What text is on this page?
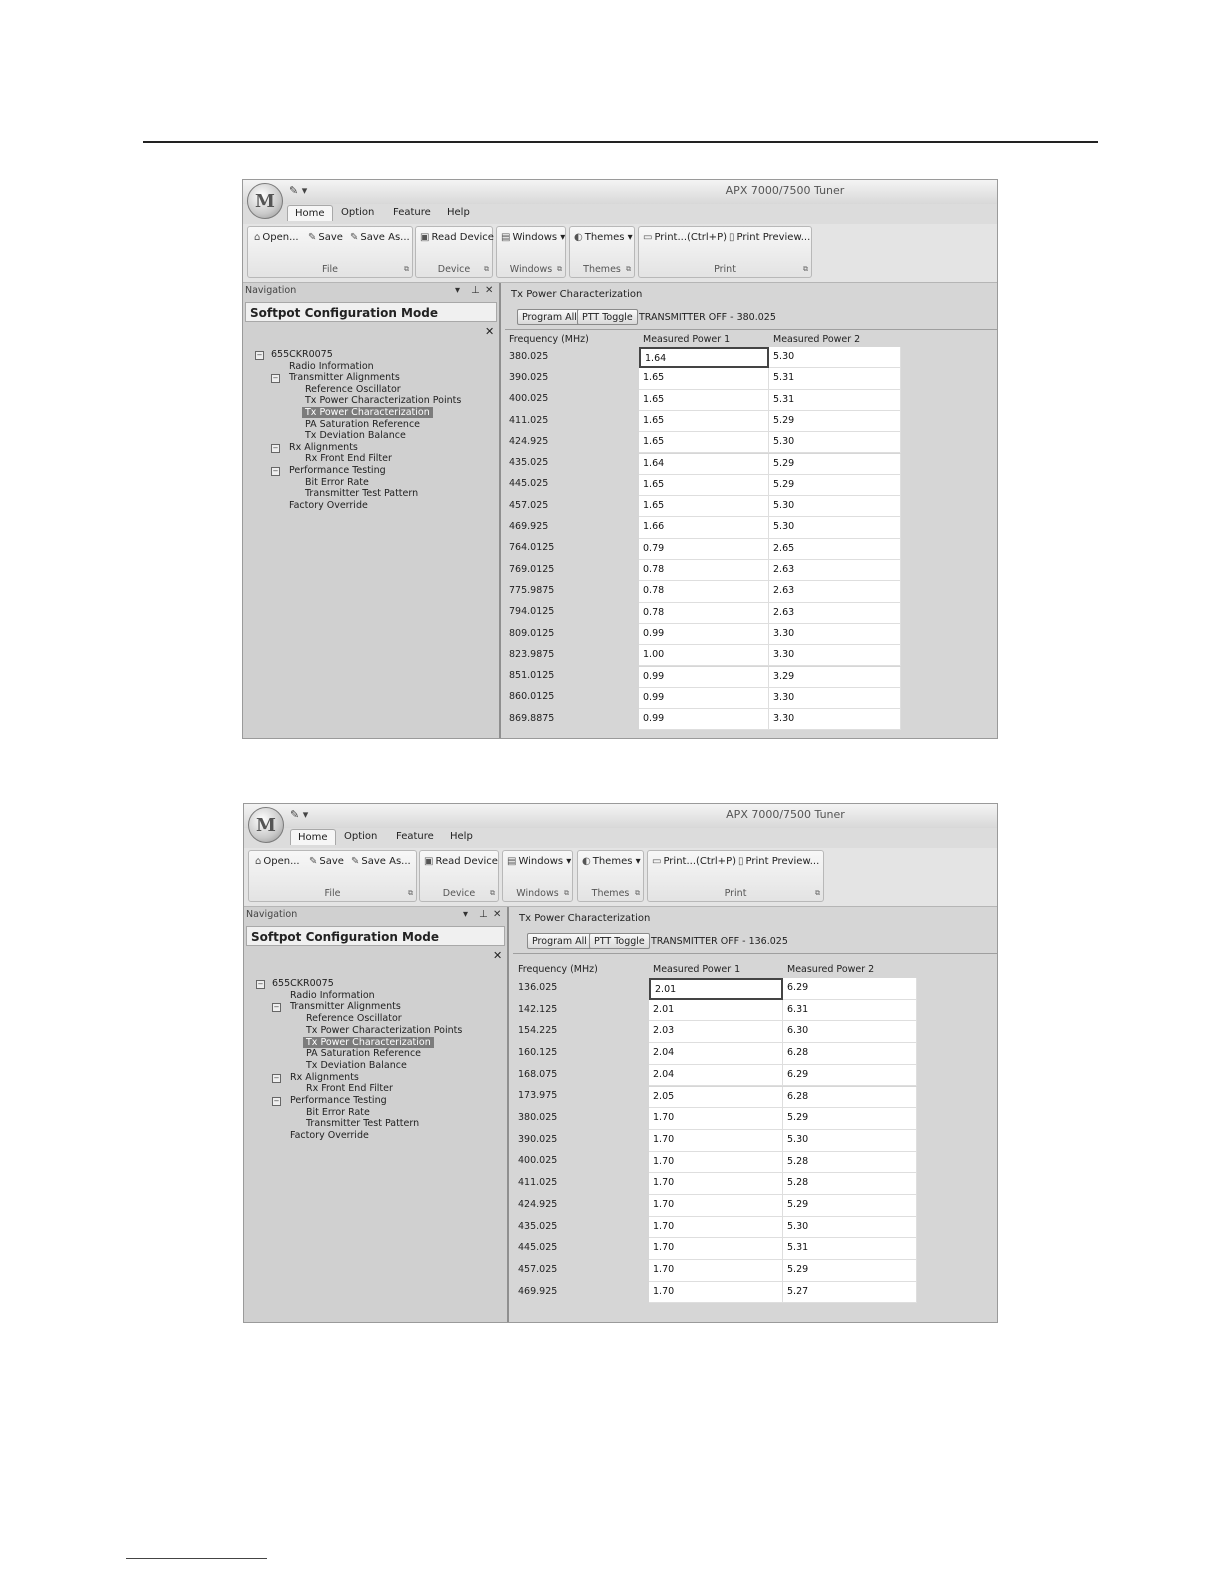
✎ ▾	APX 7000/7500 Tuner
M
Home	Option Feature Help
⌂ Open... ✎ Save ✎ Save As...
File	⧉
▣ Read Device
Device	⧉
▤ Windows ▾
Windows ⧉
◐ Themes ▾
Themes ⧉
▭ Print...(Ctrl+P) ▯ Print Preview...
Print	⧉
Navigation	▾ ⊥ ✕
Softpot Configuration Mode
✕
655CKR0075
−
Radio Information
Transmitter Alignments
−
Reference Oscillator
Tx Power Characterization Points
Tx Power Characterization
PA Saturation Reference
Tx Deviation Balance
Rx Alignments
−
Rx Front End Filter
Performance Testing
−
Bit Error Rate
Transmitter Test Pattern
Factory Override
Tx Power Characterization
Program All PTT Toggle TRANSMITTER OFF - 380.025
Frequency (MHz)	Measured Power 1	Measured Power 2
380.025	1.64	5.30
390.025	1.65	5.31
400.025	1.65	5.31
411.025	1.65	5.29
424.925	1.65	5.30
435.025	1.64	5.29
445.025	1.65	5.29
457.025	1.65	5.30
469.925	1.66	5.30
764.0125	0.79	2.65
769.0125	0.78	2.63
775.9875	0.78	2.63
794.0125	0.78	2.63
809.0125	0.99	3.30
823.9875	1.00	3.30
851.0125	0.99	3.29
860.0125	0.99	3.30
869.8875	0.99	3.30
✎ ▾	APX 7000/7500 Tuner
M
Home	Option Feature Help
⌂ Open... ✎ Save ✎ Save As...
File	⧉
▣ Read Device
Device	⧉
▤ Windows ▾
Windows ⧉
◐ Themes ▾
Themes ⧉
▭ Print...(Ctrl+P) ▯ Print Preview...
Print	⧉
Navigation	▾ ⊥ ✕
Softpot Configuration Mode
✕
655CKR0075
−
Radio Information
Transmitter Alignments
−
Reference Oscillator
Tx Power Characterization Points
Tx Power Characterization
PA Saturation Reference
Tx Deviation Balance
Rx Alignments
−
Rx Front End Filter
Performance Testing
−
Bit Error Rate
Transmitter Test Pattern
Factory Override
Tx Power Characterization
Program All PTT Toggle TRANSMITTER OFF - 136.025
Frequency (MHz)	Measured Power 1	Measured Power 2
136.025	2.01	6.29
142.125	2.01	6.31
154.225	2.03	6.30
160.125	2.04	6.28
168.075	2.04	6.29
173.975	2.05	6.28
380.025	1.70	5.29
390.025	1.70	5.30
400.025	1.70	5.28
411.025	1.70	5.28
424.925	1.70	5.29
435.025	1.70	5.30
445.025	1.70	5.31
457.025	1.70	5.29
469.925	1.70	5.27
